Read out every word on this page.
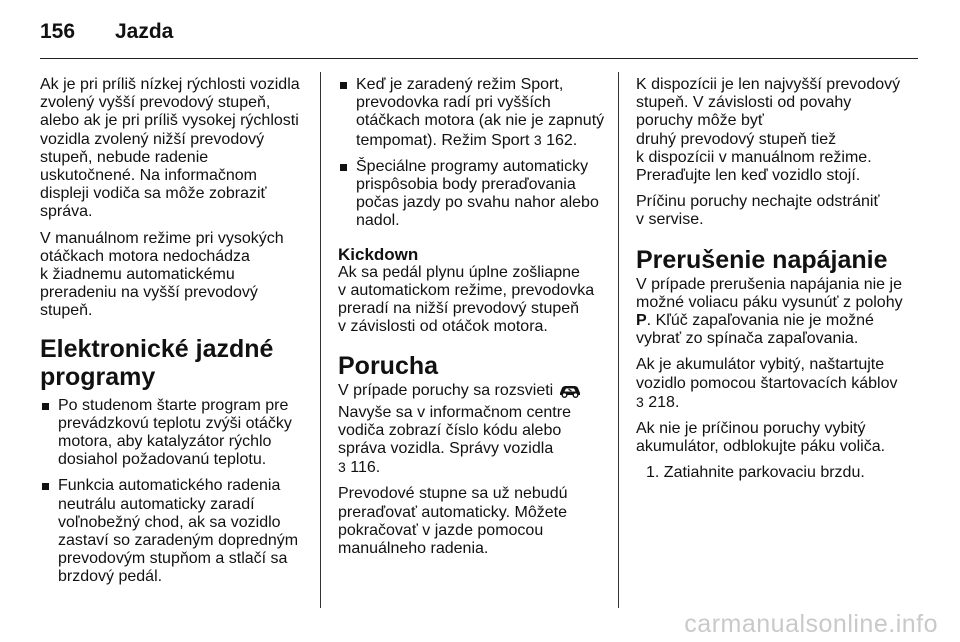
156 Jazda

Ak je pri príliš nízkej rýchlosti vozidla
zvolený vyšší prevodový stupeň,
alebo ak je pri príliš vysokej rýchlosti
vozidla zvolený nižší prevodový
stupeň, nebude radenie
uskutočnené. Na informačnom
displeji vodiča sa môže zobraziť
správa.

V manuálnom režime pri vysokých
otáčkach motora nedochádza
k žiadnemu automatickému
preradeniu na vyšší prevodový
stupeň.

Elektronické jazdné
programy
Po studenom štarte program pre
prevádzkovú teplotu zvýši otáčky
motora, aby katalyzátor rýchlo
dosiahol požadovanú teplotu.
Funkcia automatického radenia
neutrálu automaticky zaradí
voľnobežný chod, ak sa vozidlo
zastaví so zaradeným dopredným
prevodovým stupňom a stlačí sa
brzdový pedál.
Keď je zaradený režim Sport,
prevodovka radí pri vyšších
otáčkach motora (ak nie je zapnutý
tempomat). Režim Sport 3 162.
Špeciálne programy automaticky
prispôsobia body preraďovania
počas jazdy po svahu nahor alebo
nadol.
Kickdown

Ak sa pedál plynu úplne zošliapne
v automatickom režime, prevodovka
preradí na nižší prevodový stupeň
v závislosti od otáčok motora.

Porucha

V prípade poruchy sa rozsvieti
Navyše sa v informačnom centre
vodiča zobrazí číslo kódu alebo
správa vozidla. Správy vozidla
3 116.

Prevodové stupne sa už nebudú
preraďovať automaticky. Môžete
pokračovať v jazde pomocou
manuálneho radenia.

K dispozícii je len najvyšší prevodový
stupeň. V závislosti od povahy
poruchy môže byť
druhý prevodový stupeň tiež
k dispozícii v manuálnom režime.
Preraďujte len keď vozidlo stojí.

Príčinu poruchy nechajte odstrániť
v servise.

Prerušenie napájanie

V prípade prerušenia napájania nie je
možné voliacu páku vysunúť z polohy
P. Kľúč zapaľovania nie je možné
vybrať zo spínača zapaľovania.

Ak je akumulátor vybitý, naštartujte
vozidlo pomocou štartovacích káblov
3 218.

Ak nie je príčinou poruchy vybitý
akumulátor, odblokujte páku voliča.

1. Zatiahnite parkovaciu brzdu.

carmanualsonline.info
